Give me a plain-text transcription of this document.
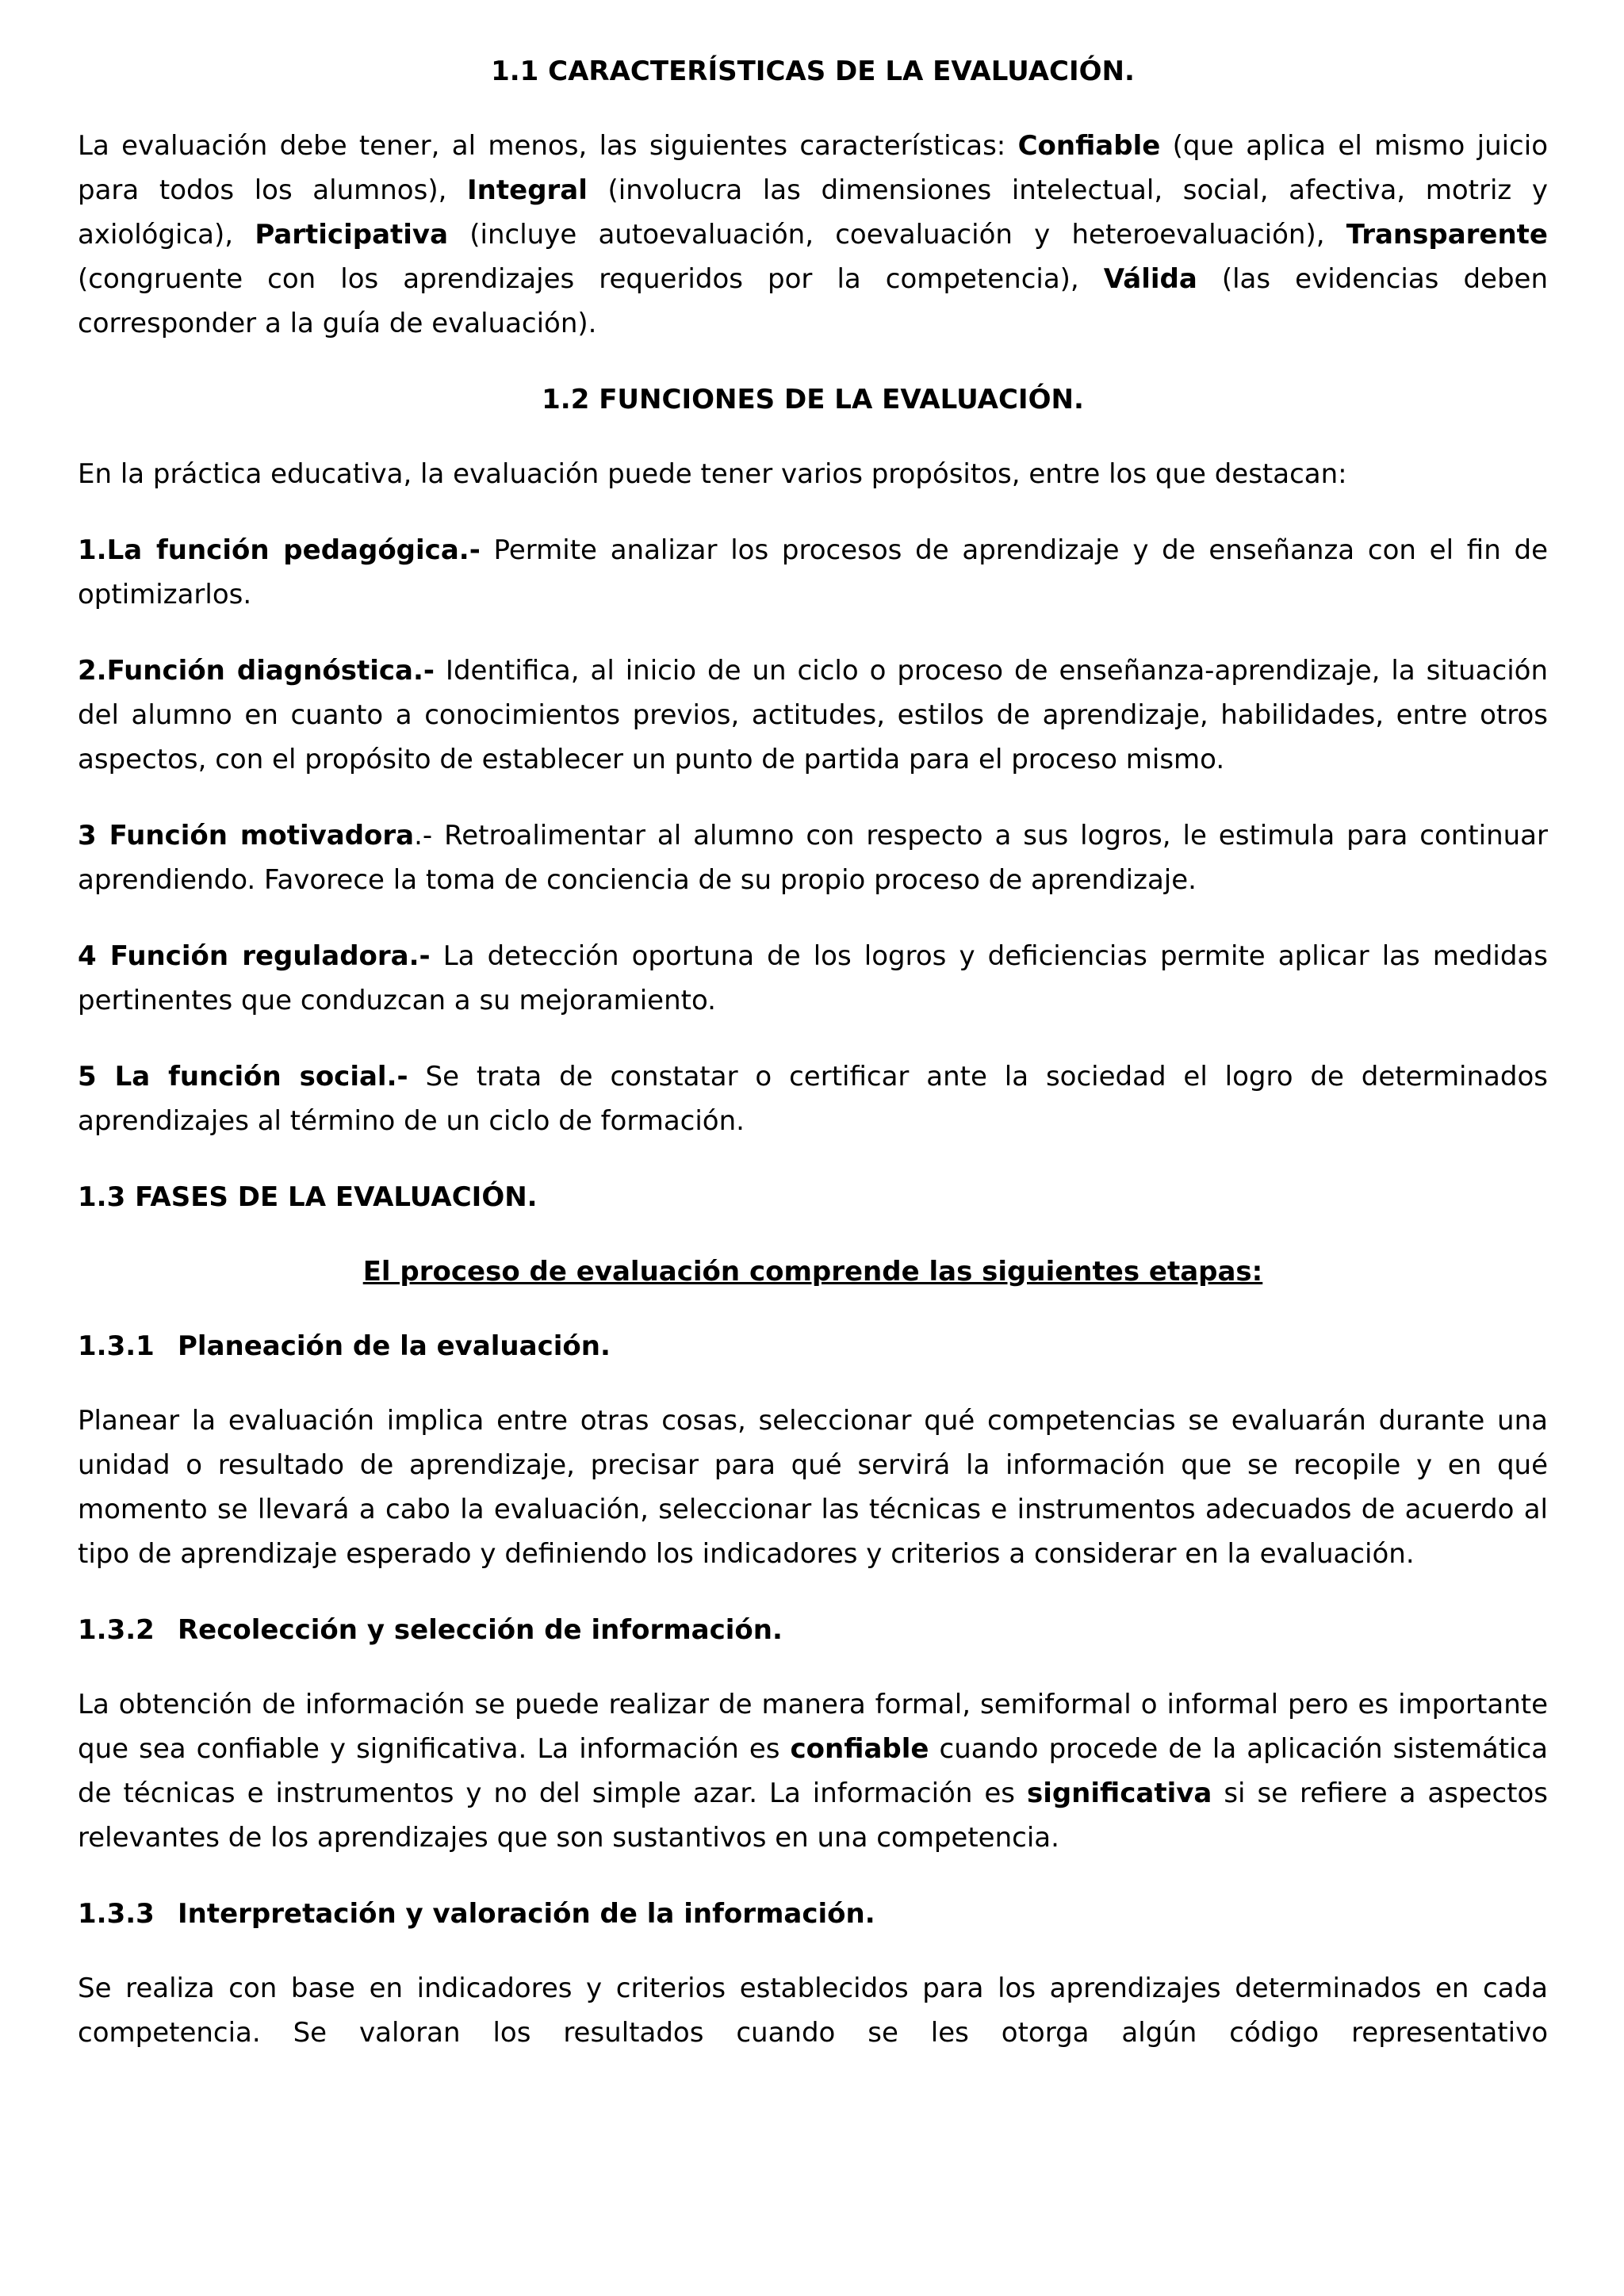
1.1 CARACTERÍSTICAS DE LA EVALUACIÓN.

La evaluación debe tener, al menos, las siguientes características: Confiable (que aplica el mismo juicio para todos los alumnos), Integral (involucra las dimensiones intelectual, social, afectiva, motriz y axiológica), Participativa (incluye autoevaluación, coevaluación y heteroevaluación), Transparente (congruente con los aprendizajes requeridos por la competencia), Válida (las evidencias deben corresponder a la guía de evaluación).

1.2 FUNCIONES DE LA EVALUACIÓN.

En la práctica educativa, la evaluación puede tener varios propósitos, entre los que destacan:

1.La función pedagógica.- Permite analizar los procesos de aprendizaje y de enseñanza con el fin de optimizarlos.

2.Función diagnóstica.- Identifica, al inicio de un ciclo o proceso de enseñanza-aprendizaje, la situación del alumno en cuanto a conocimientos previos, actitudes, estilos de aprendizaje, habilidades, entre otros aspectos, con el propósito de establecer un punto de partida para el proceso mismo.

3 Función motivadora.- Retroalimentar al alumno con respecto a sus logros, le estimula para continuar aprendiendo. Favorece la toma de conciencia de su propio proceso de aprendizaje.

4 Función reguladora.- La detección oportuna de los logros y deficiencias permite aplicar las medidas pertinentes que conduzcan a su mejoramiento.

5 La función social.- Se trata de constatar o certificar ante la sociedad el logro de determinados aprendizajes al término de un ciclo de formación.

1.3 FASES DE LA EVALUACIÓN.

El proceso de evaluación comprende las siguientes etapas:

1.3.1 Planeación de la evaluación.

Planear la evaluación implica entre otras cosas, seleccionar qué competencias se evaluarán durante una unidad o resultado de aprendizaje, precisar para qué servirá la información que se recopile y en qué momento se llevará a cabo la evaluación, seleccionar las técnicas e instrumentos adecuados de acuerdo al tipo de aprendizaje esperado y definiendo los indicadores y criterios a considerar en la evaluación.

1.3.2 Recolección y selección de información.

La obtención de información se puede realizar de manera formal, semiformal o informal pero es importante que sea confiable y significativa. La información es confiable cuando procede de la aplicación sistemática de técnicas e instrumentos y no del simple azar. La información es significativa si se refiere a aspectos relevantes de los aprendizajes que son sustantivos en una competencia.

1.3.3 Interpretación y valoración de la información.

Se realiza con base en indicadores y criterios establecidos para los aprendizajes determinados en cada competencia. Se valoran los resultados cuando se les otorga algún código representativo
